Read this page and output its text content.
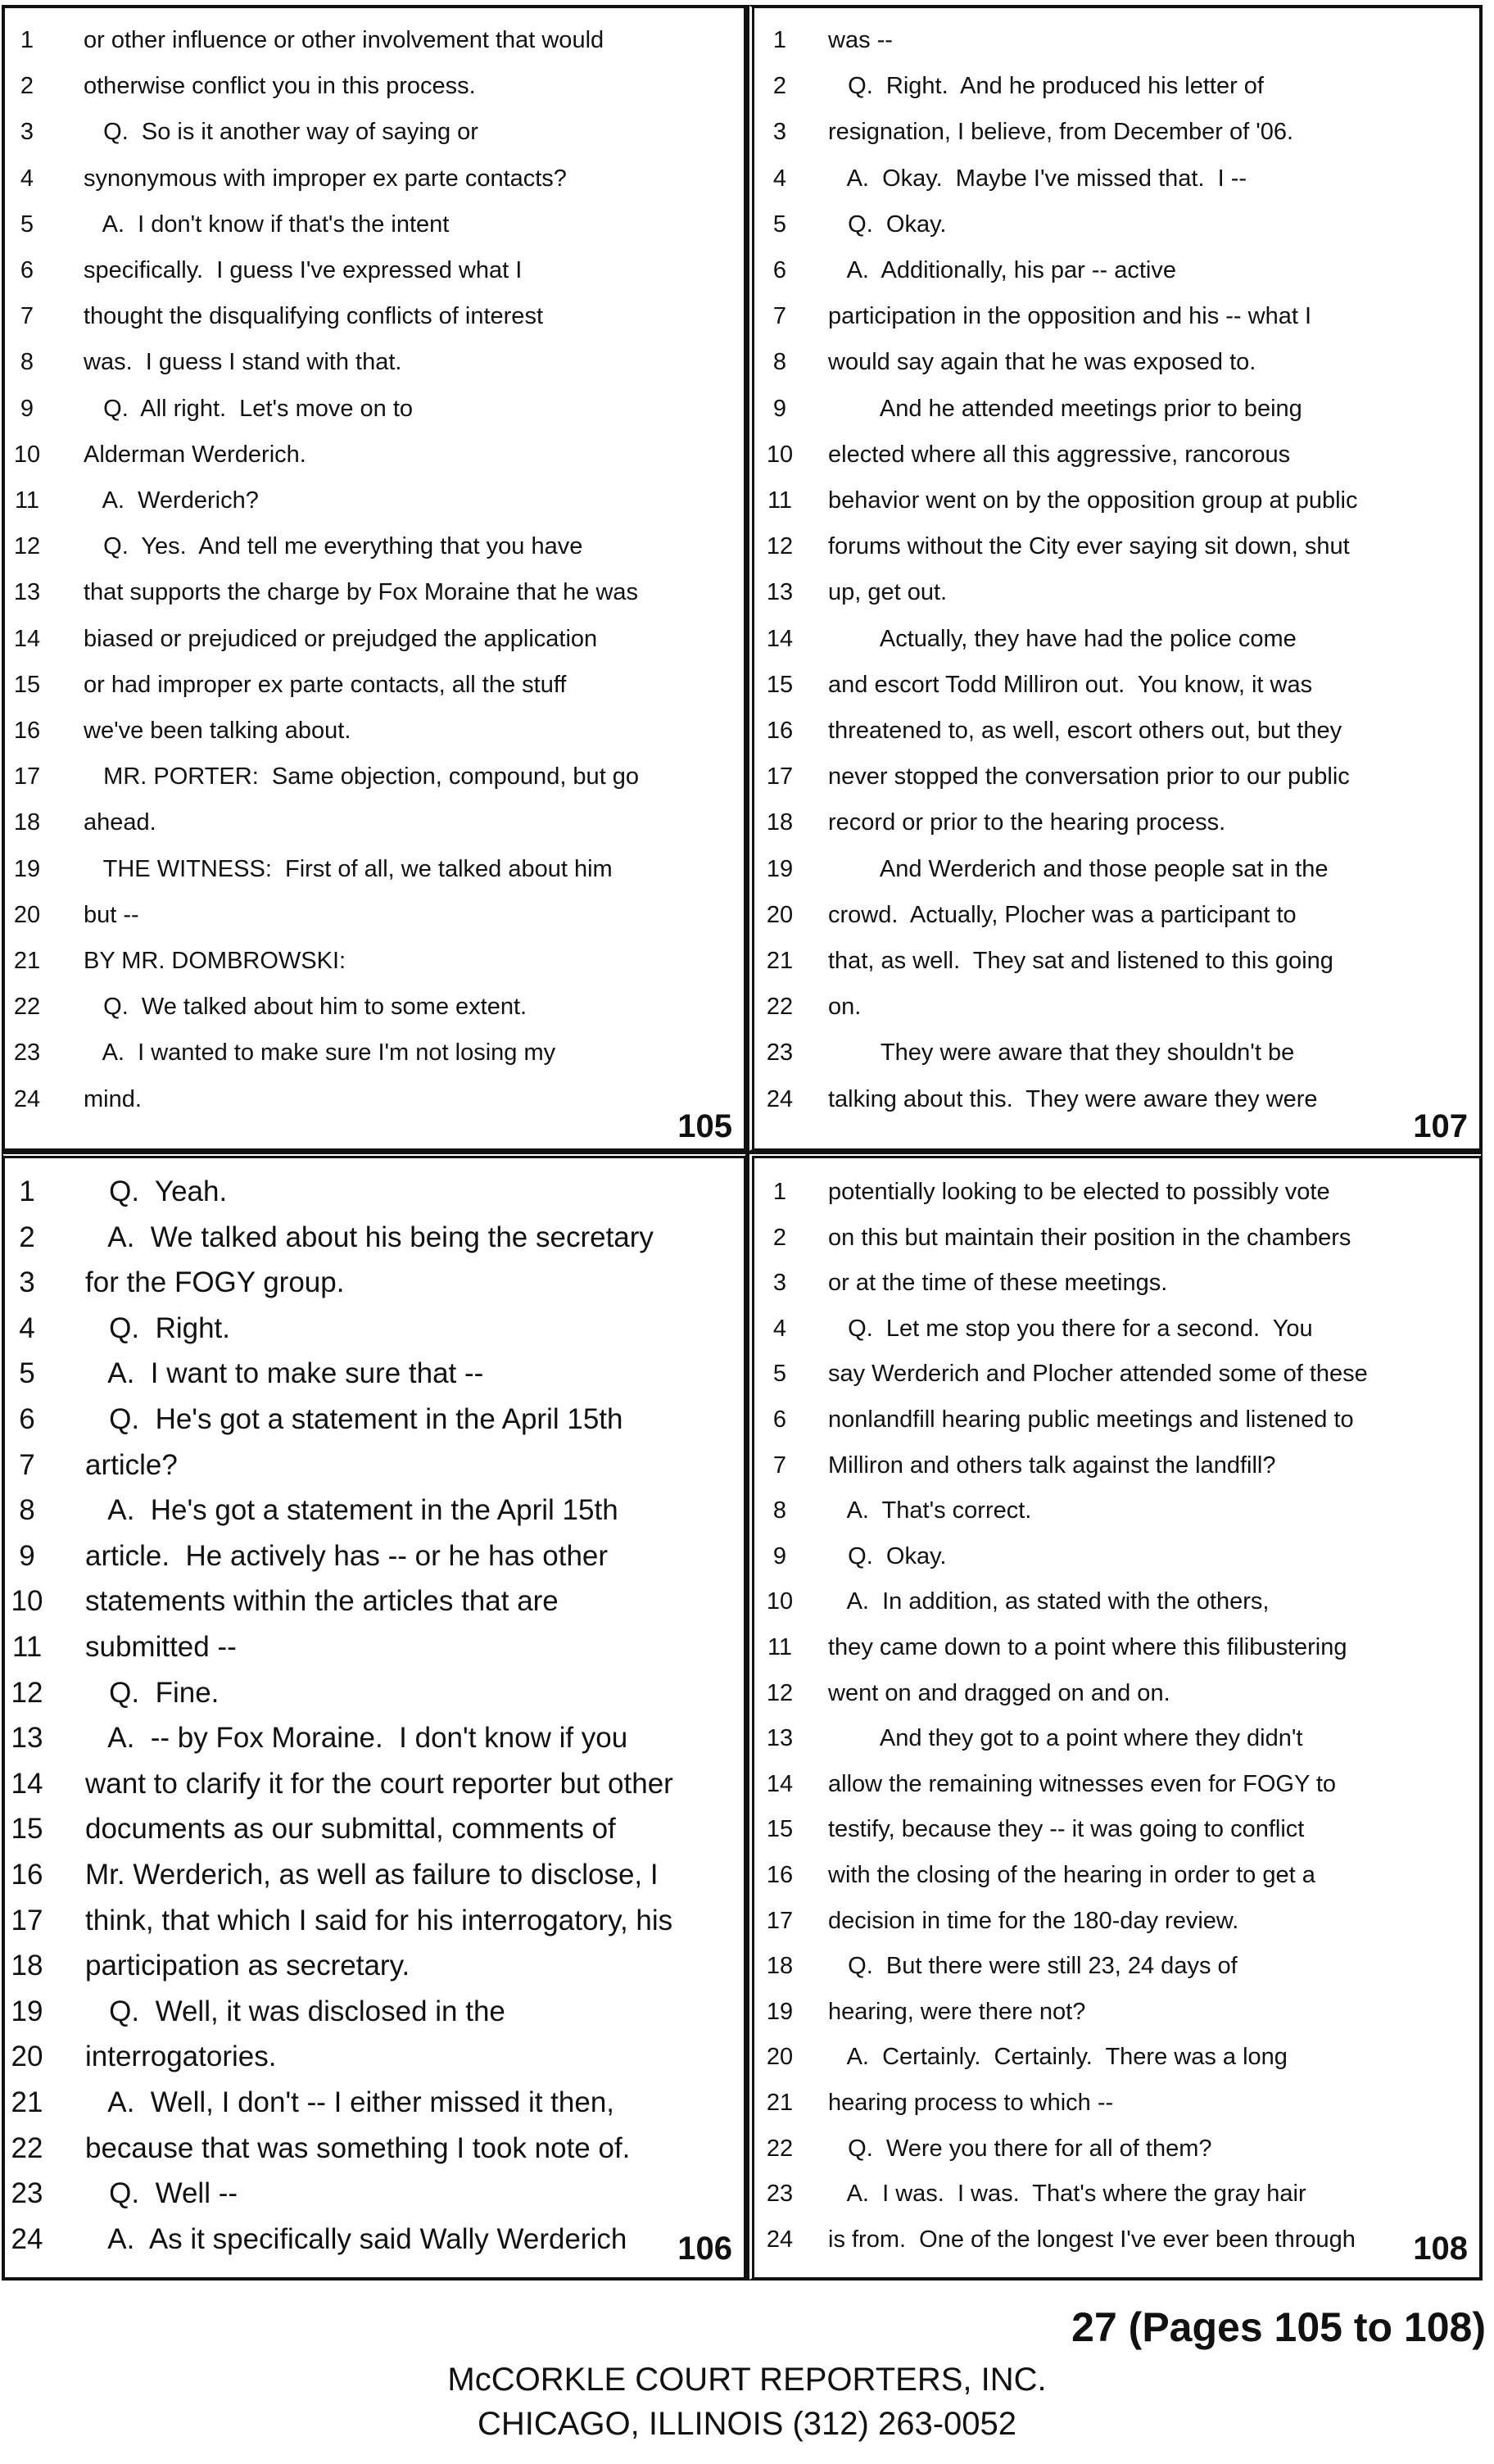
1	or other influence or other involvement that would
2	otherwise conflict you in this process.
3	Q.  So is it another way of saying or
4	synonymous with improper ex parte contacts?
5	A.  I don't know if that's the intent
6	specifically.  I guess I've expressed what I
7	thought the disqualifying conflicts of interest
8	was.  I guess I stand with that.
9	Q.  All right.  Let's move on to
10 Alderman Werderich.
11 A.  Werderich?
12 Q.  Yes.  And tell me everything that you have
13 that supports the charge by Fox Moraine that he was
14 biased or prejudiced or prejudged the application
15 or had improper ex parte contacts, all the stuff
16 we've been talking about.
17 MR. PORTER:  Same objection, compound, but go
18 ahead.
19 THE WITNESS:  First of all, we talked about him
20 but --
21 BY MR. DOMBROWSKI:
22 Q.  We talked about him to some extent.
23 A.  I wanted to make sure I'm not losing my
24 mind.
105
1	was --
2	Q.  Right.  And he produced his letter of
3	resignation, I believe, from December of '06.
4	A.  Okay.  Maybe I've missed that.  I --
5	Q.  Okay.
6	A.  Additionally, his par -- active
7	participation in the opposition and his -- what I
8	would say again that he was exposed to.
9	And he attended meetings prior to being
10 elected where all this aggressive, rancorous
11 behavior went on by the opposition group at public
12 forums without the City ever saying sit down, shut
13 up, get out.
14 Actually, they have had the police come
15 and escort Todd Milliron out.  You know, it was
16 threatened to, as well, escort others out, but they
17 never stopped the conversation prior to our public
18 record or prior to the hearing process.
19 And Werderich and those people sat in the
20 crowd.  Actually, Plocher was a participant to
21 that, as well.  They sat and listened to this going
22 on.
23 They were aware that they shouldn't be
24 talking about this.  They were aware they were
107
1	Q.  Yeah.
2	A.  We talked about his being the secretary
3	for the FOGY group.
4	Q.  Right.
5	A.  I want to make sure that --
6	Q.  He's got a statement in the April 15th
7	article?
8	A.  He's got a statement in the April 15th
9	article.  He actively has -- or he has other
10 statements within the articles that are
11 submitted --
12 Q.  Fine.
13 A.  -- by Fox Moraine.  I don't know if you
14 want to clarify it for the court reporter but other
15 documents as our submittal, comments of
16 Mr. Werderich, as well as failure to disclose, I
17 think, that which I said for his interrogatory, his
18 participation as secretary.
19 Q.  Well, it was disclosed in the
20 interrogatories.
21 A.  Well, I don't -- I either missed it then,
22 because that was something I took note of.
23 Q.  Well --
24 A.  As it specifically said Wally Werderich 106
1	potentially looking to be elected to possibly vote
2	on this but maintain their position in the chambers
3	or at the time of these meetings.
4	Q.  Let me stop you there for a second.  You
5	say Werderich and Plocher attended some of these
6	nonlandfill hearing public meetings and listened to
7	Milliron and others talk against the landfill?
8	A.  That's correct.
9	Q.  Okay.
10 A.  In addition, as stated with the others,
11 they came down to a point where this filibustering
12 went on and dragged on and on.
13 And they got to a point where they didn't
14 allow the remaining witnesses even for FOGY to
15 testify, because they -- it was going to conflict
16 with the closing of the hearing in order to get a
17 decision in time for the 180-day review.
18 Q.  But there were still 23, 24 days of
19 hearing, were there not?
20 A.  Certainly.  Certainly.  There was a long
21 hearing process to which --
22 Q.  Were you there for all of them?
23 A.  I was.  I was.  That's where the gray hair
24 is from.  One of the longest I've ever been through 108
27 (Pages 105 to 108)
McCORKLE COURT REPORTERS, INC.
CHICAGO, ILLINOIS (312) 263-0052
